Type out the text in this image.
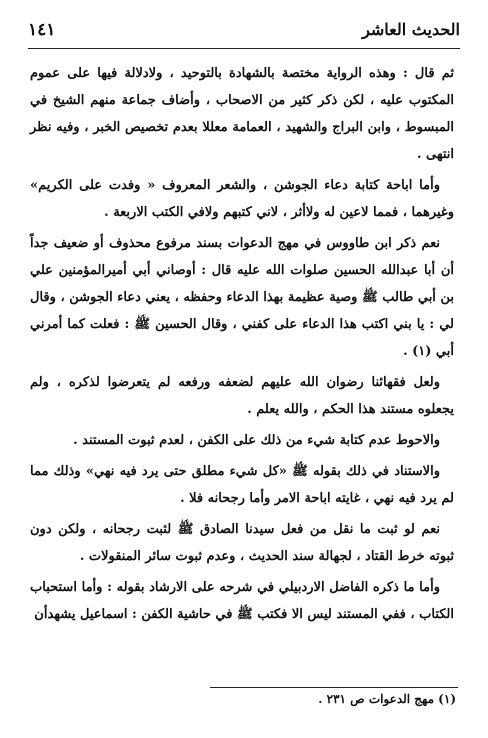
الحديث العاشر
١٤١

ثم قال : وهذه الرواية مختصة بالشهادة بالتوحيد ، ولادلالة فيها على عموم المكتوب عليه ، لكن ذكر كثير من الاصحاب ، وأضاف جماعة منهم الشيخ في المبسوط ، وابن البراج والشهيد ، العمامة معللا بعدم تخصيص الخبر ، وفيه نظر انتهى .

وأما اباحة كتابة دعاء الجوشن ، والشعر المعروف « وفدت على الكريم» وغيرهما ، فمما لاعين له ولاأثر ، لاني كتبهم ولافي الكتب الاربعة .

نعم ذكر ابن طاووس في مهج الدعوات بسند مرفوع محذوف أو ضعيف جداً أن أبا عبدالله الحسين صلوات الله عليه قال : أوصاني أبي أميرالمؤمنين علي بن أبي طالب ﷺ وصية عظيمة بهذا الدعاء وحفظه ، يعني دعاء الجوشن ، وقال لي : يا بني اكتب هذا الدعاء على كفني ، وقال الحسين ﷺ : فعلت كما أمرني أبي (١) .

ولعل فقهائنا رضوان الله عليهم لضعفه ورفعه لم يتعرضوا لذكره ، ولم يجعلوه مستند هذا الحكم ، والله يعلم .

والاحوط عدم كتابة شيء من ذلك على الكفن ، لعدم ثبوت المستند .

والاستناد في ذلك بقوله ﷺ «كل شيء مطلق حتى يرد فيه نهي» وذلك مما لم يرد فيه نهي ، غايته اباحة الامر وأما رجحانه فلا .

نعم لو ثبت ما نقل من فعل سيدنا الصادق ﷺ لثبت رجحانه ، ولكن دون ثبوته خرط القتاد ، لجهالة سند الحديث ، وعدم ثبوت سائر المنقولات .

وأما ما ذكره الفاضل الاردبيلي في شرحه على الارشاد بقوله : وأما استحباب الكتاب ، ففي المستند ليس الا فكتب ﷺ في حاشية الكفن : اسماعيل يشهدأن

(١) مهج الدعوات ص ٢٣١ .
